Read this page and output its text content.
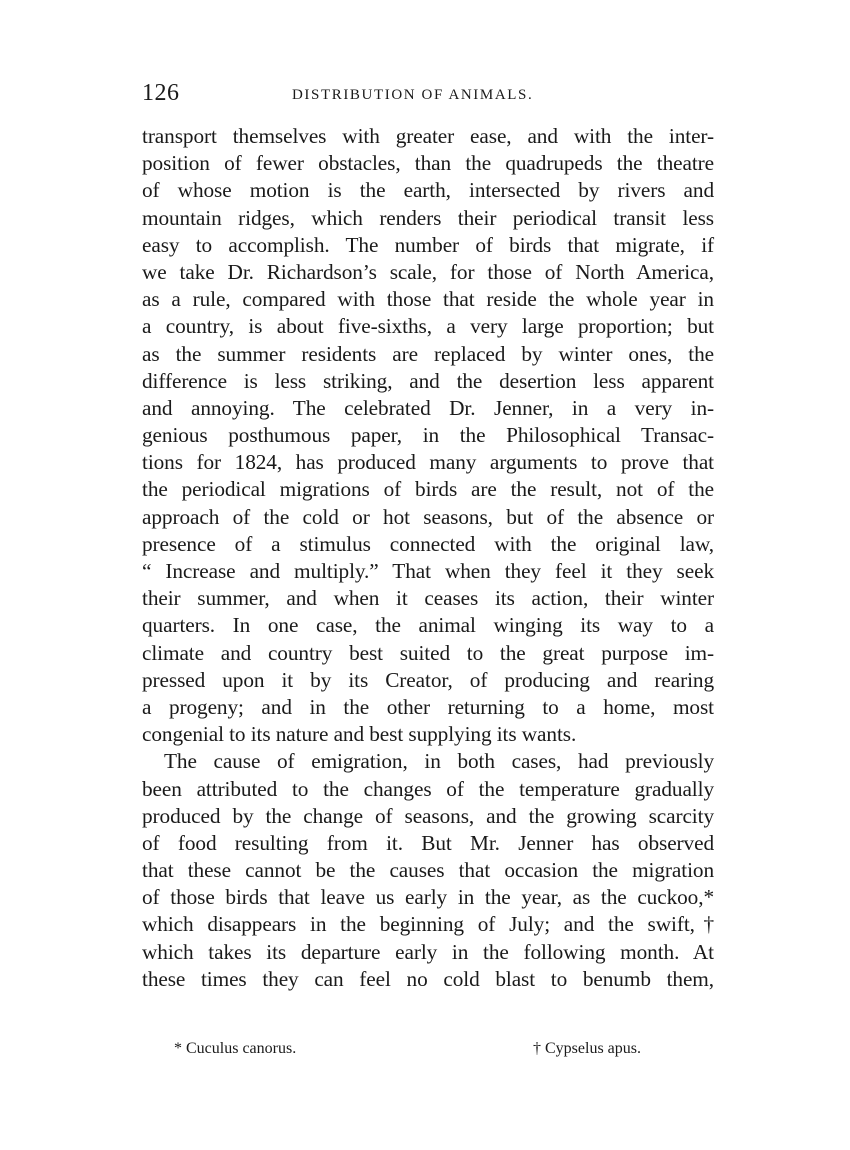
126	DISTRIBUTION OF ANIMALS.
transport themselves with greater ease, and with the inter-
position of fewer obstacles, than the quadrupeds the theatre
of whose motion is the earth, intersected by rivers and
mountain ridges, which renders their periodical transit less
easy to accomplish. The number of birds that migrate, if
we take Dr. Richardson’s scale, for those of North America,
as a rule, compared with those that reside the whole year in
a country, is about five-sixths, a very large proportion; but
as the summer residents are replaced by winter ones, the
difference is less striking, and the desertion less apparent
and annoying. The celebrated Dr. Jenner, in a very in-
genious posthumous paper, in the Philosophical Transac-
tions for 1824, has produced many arguments to prove that
the periodical migrations of birds are the result, not of the
approach of the cold or hot seasons, but of the absence or
presence of a stimulus connected with the original law,
“ Increase and multiply.” That when they feel it they seek
their summer, and when it ceases its action, their winter
quarters. In one case, the animal winging its way to a
climate and country best suited to the great purpose im-
pressed upon it by its Creator, of producing and rearing
a progeny; and in the other returning to a home, most
congenial to its nature and best supplying its wants.
The cause of emigration, in both cases, had previously
been attributed to the changes of the temperature gradually
produced by the change of seasons, and the growing scarcity
of food resulting from it. But Mr. Jenner has observed
that these cannot be the causes that occasion the migration
of those birds that leave us early in the year, as the cuckoo,*
which disappears in the beginning of July; and the swift,†
which takes its departure early in the following month. At
these times they can feel no cold blast to benumb them,
* Cuculus canorus.	† Cypselus apus.
